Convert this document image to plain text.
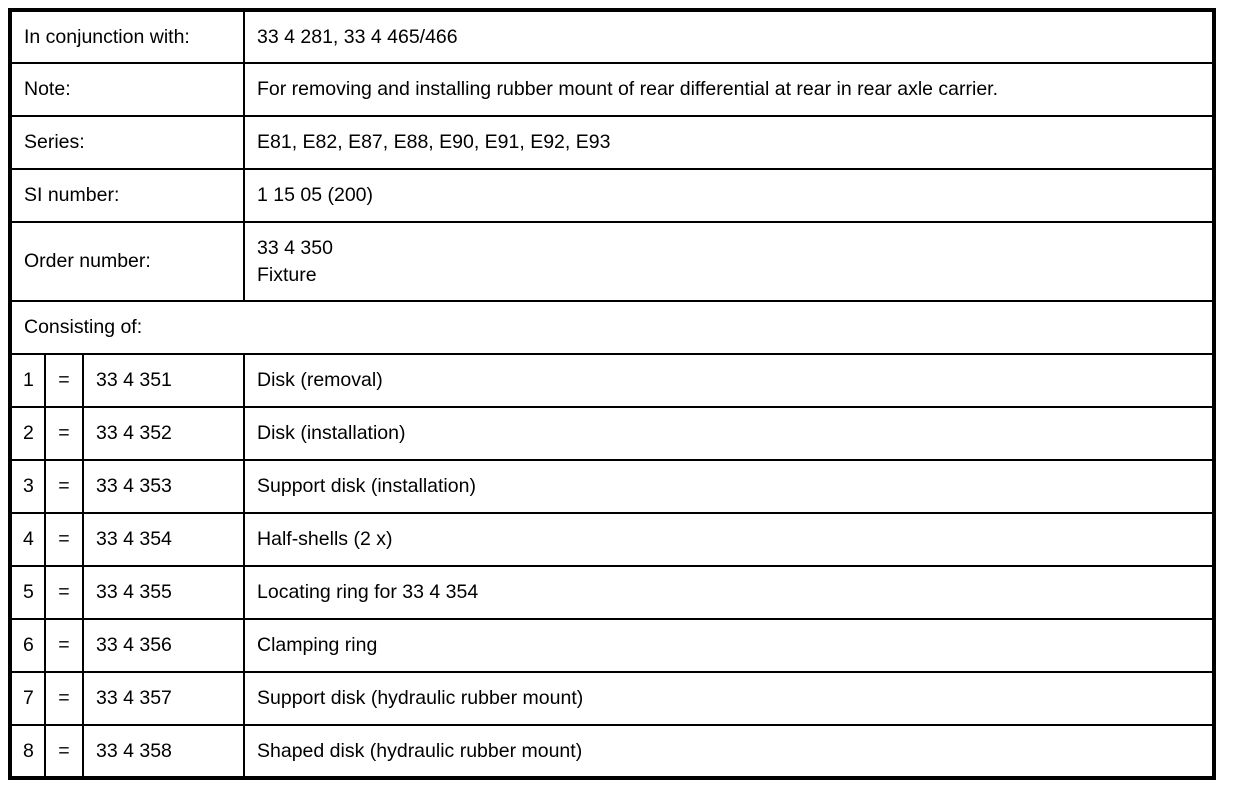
In conjunction with:			33 4 281, 33 4 465/466
Note:			For removing and installing rubber mount of rear differential at rear in rear axle carrier.
Series:			E81, E82, E87, E88, E90, E91, E92, E93
SI number:			1 15 05 (200)
Order number:			33 4 350
Fixture

Consisting of:			
1	=	33 4 351	Disk (removal)
2	=	33 4 352	Disk (installation)
3	=	33 4 353	Support disk (installation)
4	=	33 4 354	Half-shells (2 x)
5	=	33 4 355	Locating ring for 33 4 354
6	=	33 4 356	Clamping ring
7	=	33 4 357	Support disk (hydraulic rubber mount)
8	=	33 4 358	Shaped disk (hydraulic rubber mount)
